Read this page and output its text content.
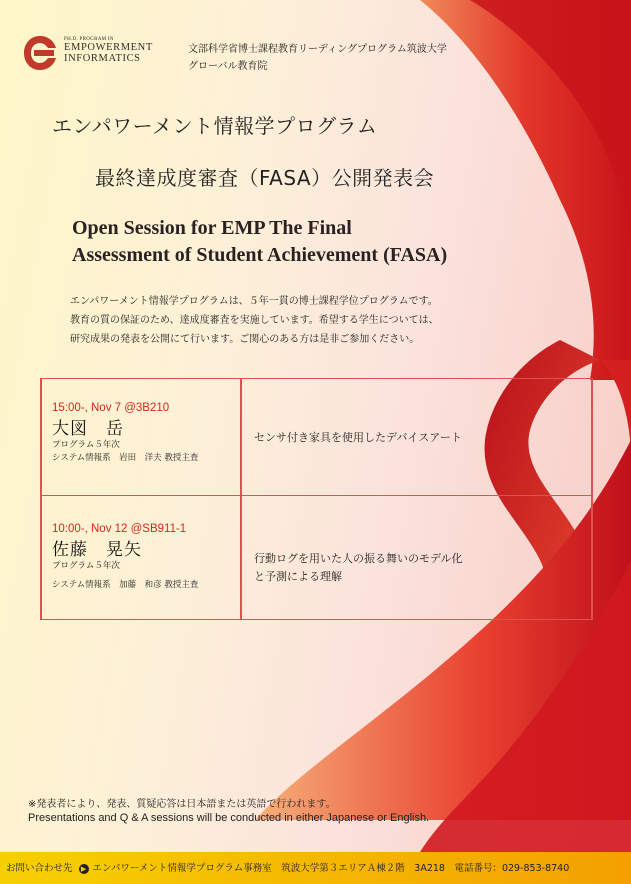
PH.D. PROGRAM IN
EMPOWERMENT
INFORMATICS
文部科学省博士課程教育リーディングプログラム筑波大学
グローバル教育院
エンパワーメント情報学プログラム
最終達成度審査（FASA）公開発表会
Open Session for EMP The Final
Assessment of Student Achievement (FASA)
エンパワーメント情報学プログラムは、５年一貫の博士課程学位プログラムです。
教育の質の保証のため、達成度審査を実施しています。希望する学生については、
研究成果の発表を公開にて行います。ご関心のある方は是非ご参加ください。
15:00-, Nov 7 @3B210
大図　岳
プログラム５年次
システム情報系　岩田　洋夫 教授主査
センサ付き家具を使用したデバイスアート
10:00-, Nov 12 @SB911-1
佐藤　晃矢
プログラム５年次
システム情報系　加藤　和彦 教授主査
行動ログを用いた人の振る舞いのモデル化
と予測による理解
※発表者により、発表、質疑応答は日本語または英語で行われます。
Presentations and Q & A sessions will be conducted in either Japanese or English.
お問い合わせ先 ▶ エンパワーメント情報学プログラム事務室　筑波大学第３エリアＡ棟２階　3A218　電話番号：029-853-8740
